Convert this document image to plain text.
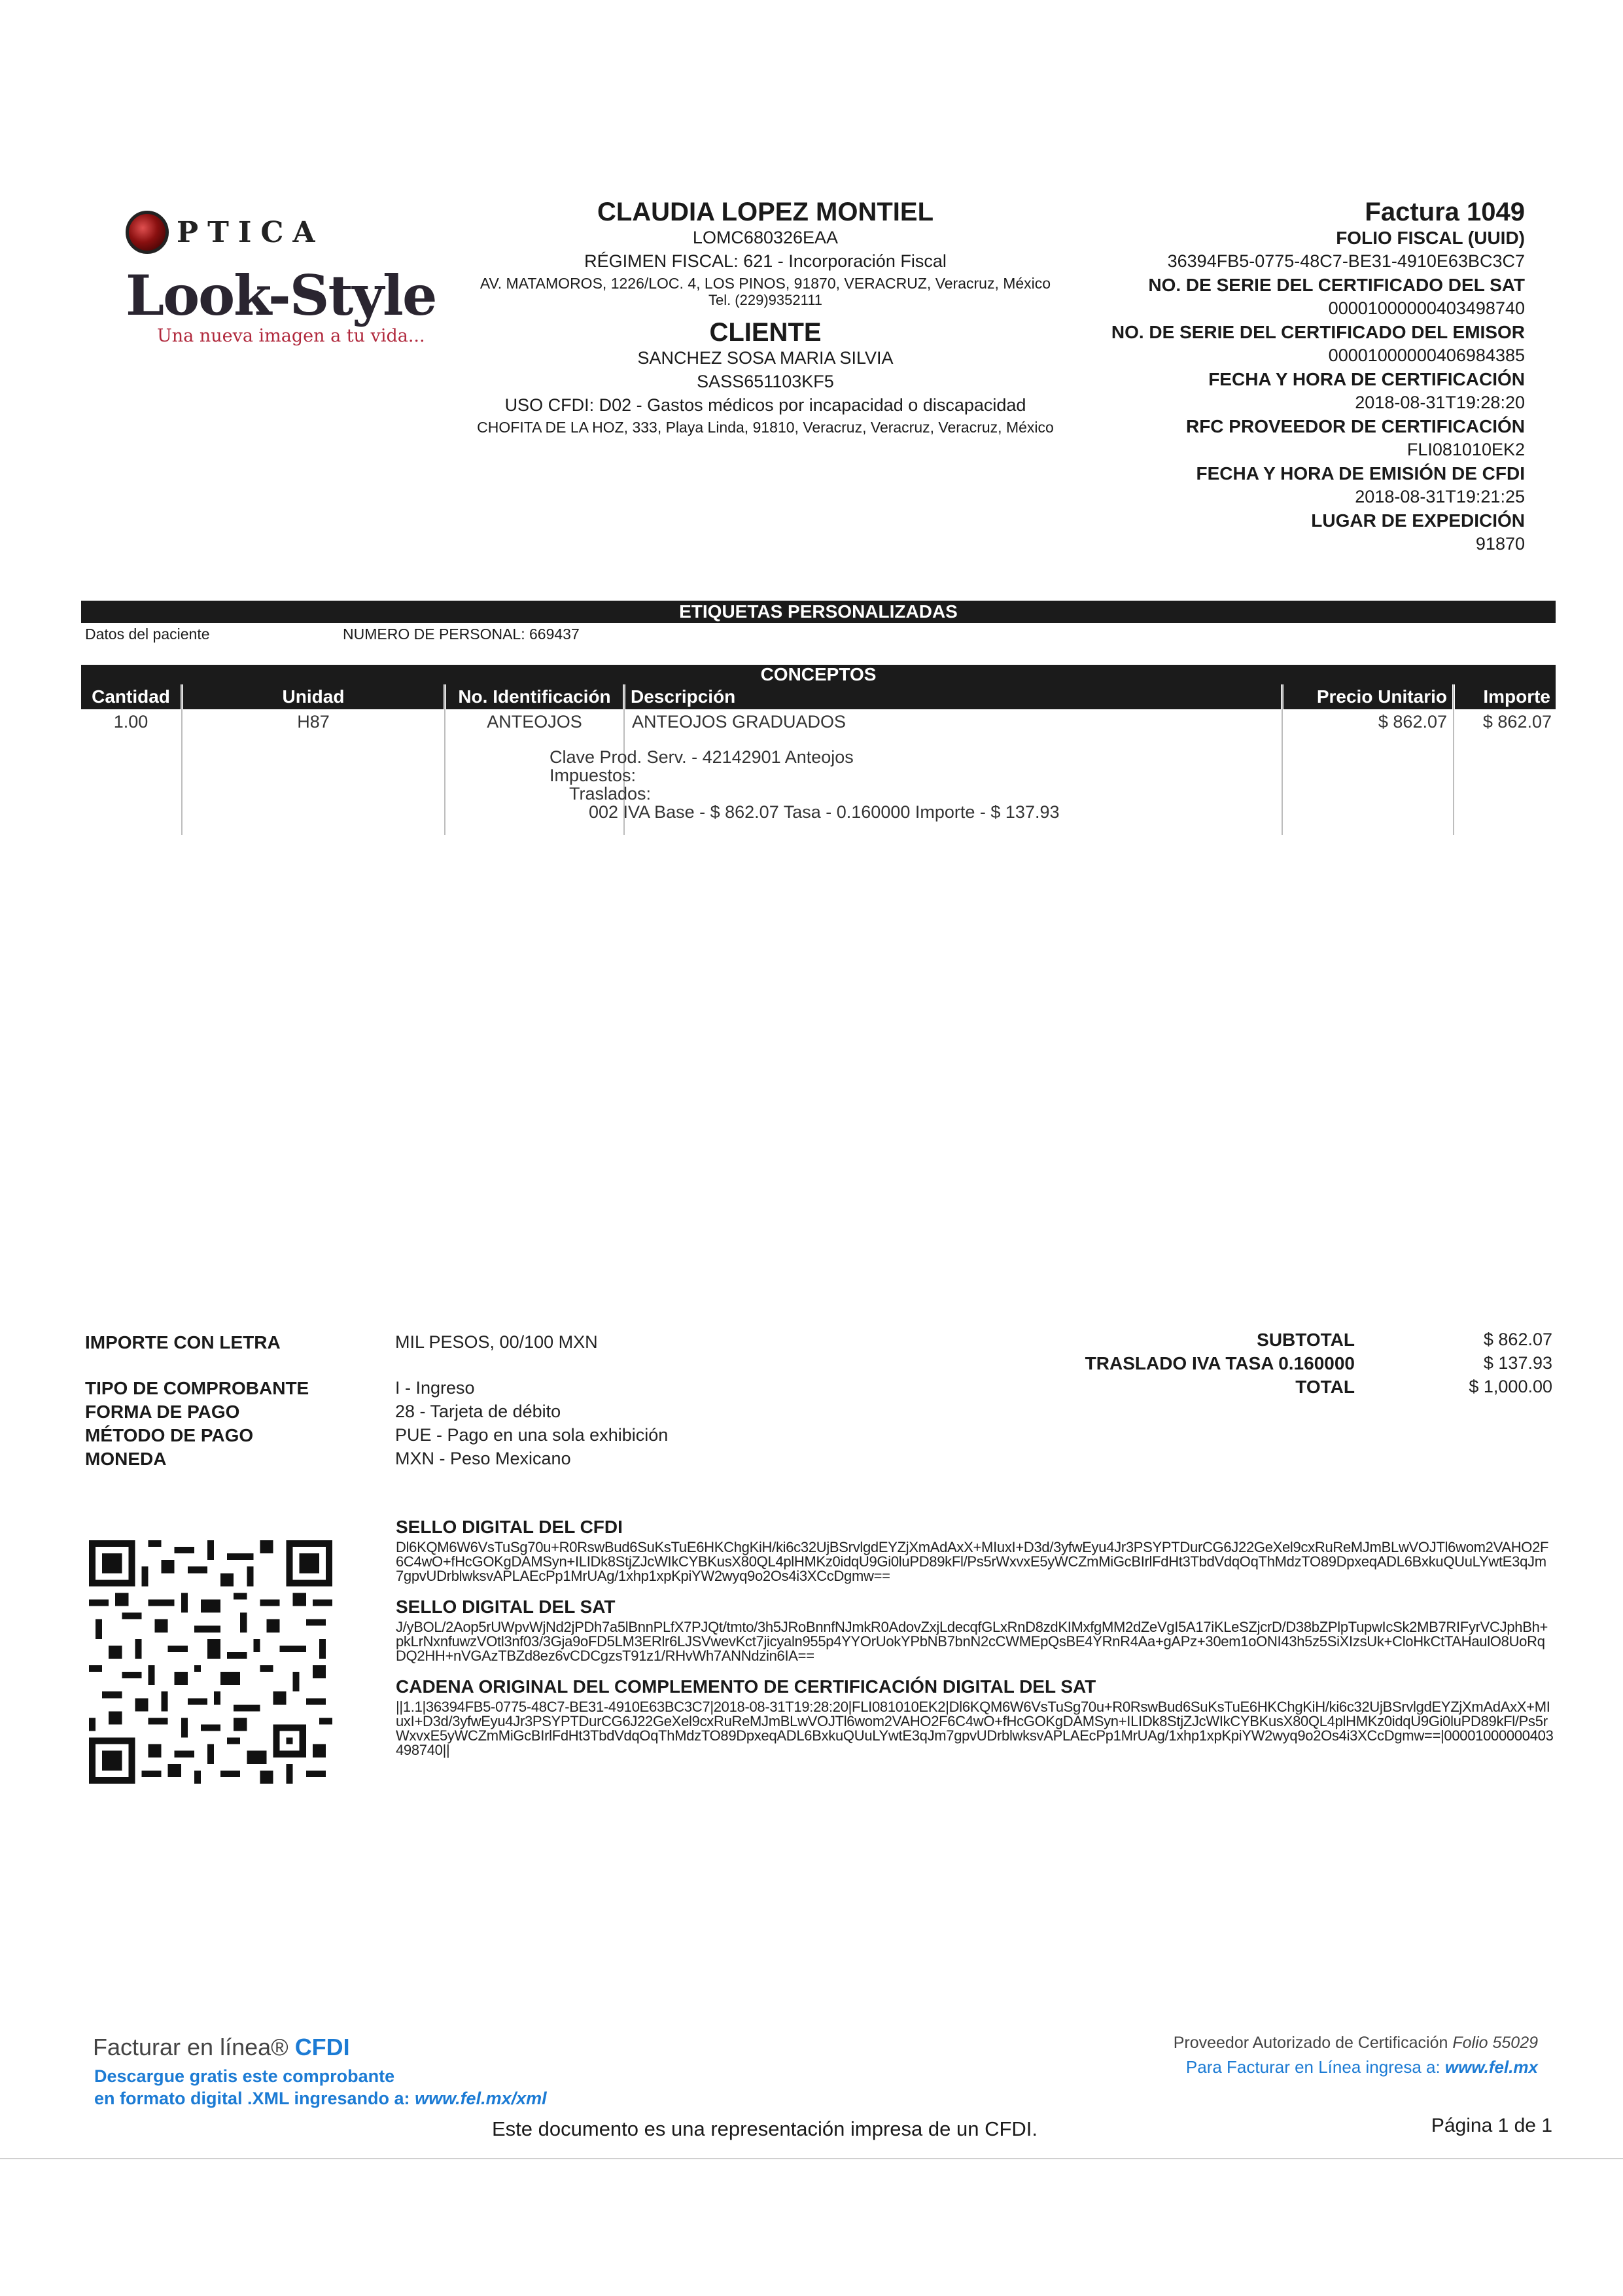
PTICA
Look-Style
Una nueva imagen a tu vida...
CLAUDIA LOPEZ MONTIEL
LOMC680326EAA
RÉGIMEN FISCAL: 621 - Incorporación Fiscal
AV. MATAMOROS, 1226/LOC. 4, LOS PINOS, 91870, VERACRUZ, Veracruz, México
Tel. (229)9352111
CLIENTE
SANCHEZ SOSA MARIA SILVIA
SASS651103KF5
USO CFDI: D02 - Gastos médicos por incapacidad o discapacidad
CHOFITA DE LA HOZ, 333, Playa Linda, 91810, Veracruz, Veracruz, Veracruz, México
Factura 1049
FOLIO FISCAL (UUID)
36394FB5-0775-48C7-BE31-4910E63BC3C7
NO. DE SERIE DEL CERTIFICADO DEL SAT
00001000000403498740
NO. DE SERIE DEL CERTIFICADO DEL EMISOR
00001000000406984385
FECHA Y HORA DE CERTIFICACIÓN
2018-08-31T19:28:20
RFC PROVEEDOR DE CERTIFICACIÓN
FLI081010EK2
FECHA Y HORA DE EMISIÓN DE CFDI
2018-08-31T19:21:25
LUGAR DE EXPEDICIÓN
91870
ETIQUETAS PERSONALIZADAS
Datos del paciente	NUMERO DE PERSONAL: 669437
CONCEPTOS
Cantidad	Unidad	No. Identificación	Descripción	Precio Unitario	Importe
1.00	H87	ANTEOJOS	ANTEOJOS GRADUADOS	$ 862.07	$ 862.07
Clave Prod. Serv. - 42142901 Anteojos
Impuestos:
Traslados:
002 IVA Base - $ 862.07 Tasa - 0.160000 Importe - $ 137.93
IMPORTE CON LETRA	MIL PESOS, 00/100 MXN
TIPO DE COMPROBANTE	I - Ingreso
FORMA DE PAGO	28 - Tarjeta de débito
MÉTODO DE PAGO	PUE - Pago en una sola exhibición
MONEDA	MXN - Peso Mexicano
SUBTOTAL	$ 862.07
TRASLADO IVA TASA 0.160000	$ 137.93
TOTAL	$ 1,000.00
SELLO DIGITAL DEL CFDI
Dl6KQM6W6VsTuSg70u+R0RswBud6SuKsTuE6HKChgKiH/ki6c32UjBSrvlgdEYZjXmAdAxX+MIuxI+D3d/3yfwEyu4Jr3PSYPTDurCG6J22GeXel9cxRuReMJmBLwVOJTl6wom2VAHO2F6C4wO+fHcGOKgDAMSyn+ILIDk8StjZJcWIkCYBKusX80QL4plHMKz0idqU9Gi0luPD89kFl/Ps5rWxvxE5yWCZmMiGcBIrlFdHt3TbdVdqOqThMdzTO89DpxeqADL6BxkuQUuLYwtE3qJm7gpvUDrblwksvAPLAEcPp1MrUAg/1xhp1xpKpiYW2wyq9o2Os4i3XCcDgmw==
SELLO DIGITAL DEL SAT
J/yBOL/2Aop5rUWpvWjNd2jPDh7a5lBnnPLfX7PJQt/tmto/3h5JRoBnnfNJmkR0AdovZxjLdecqfGLxRnD8zdKIMxfgMM2dZeVgI5A17iKLeSZjcrD/D38bZPlpTupwIcSk2MB7RIFyrVCJphBh+pkLrNxnfuwzVOtl3nf03/3Gja9oFD5LM3ERlr6LJSVwevKct7jicyaln955p4YYOrUokYPbNB7bnN2cCWMEpQsBE4YRnR4Aa+gAPz+30em1oONI43h5z5SiXIzsUk+CloHkCtTAHaulO8UoRqDQ2HH+nVGAzTBZd8ez6vCDCgzsT91z1/RHvWh7ANNdzin6IA==
CADENA ORIGINAL DEL COMPLEMENTO DE CERTIFICACIÓN DIGITAL DEL SAT
||1.1|36394FB5-0775-48C7-BE31-4910E63BC3C7|2018-08-31T19:28:20|FLI081010EK2|Dl6KQM6W6VsTuSg70u+R0RswBud6SuKsTuE6HKChgKiH/ki6c32UjBSrvlgdEYZjXmAdAxX+MIuxI+D3d/3yfwEyu4Jr3PSYPTDurCG6J22GeXel9cxRuReMJmBLwVOJTl6wom2VAHO2F6C4wO+fHcGOKgDAMSyn+ILIDk8StjZJcWIkCYBKusX80QL4plHMKz0idqU9Gi0luPD89kFl/Ps5rWxvxE5yWCZmMiGcBIrlFdHt3TbdVdqOqThMdzTO89DpxeqADL6BxkuQUuLYwtE3qJm7gpvUDrblwksvAPLAEcPp1MrUAg/1xhp1xpKpiYW2wyq9o2Os4i3XCcDgmw==|00001000000403498740||
Facturar en línea® CFDI
Descargue gratis este comprobante
en formato digital .XML ingresando a: www.fel.mx/xml
Proveedor Autorizado de Certificación Folio 55029
Para Facturar en Línea ingresa a: www.fel.mx
Este documento es una representación impresa de un CFDI.	Página 1 de 1
